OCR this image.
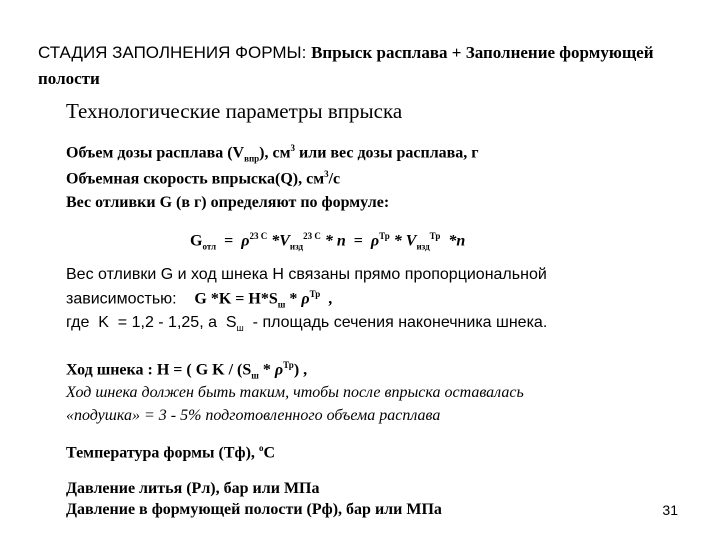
СТАДИЯ ЗАПОЛНЕНИЯ ФОРМЫ: Впрыск расплава + Заполнение формующей полости
Технологические параметры впрыска
Объем дозы расплава $(V_{впр})$, $см^3$ или вес дозы расплава, г
Объемная скорость впрыска(Q), $см^3/с$
Вес отливки G (в г) определяют по формуле:
$G_{отл} = \rho^{23 С}$ $*V_{изд}^{23 С} * n = \rho^{Тр} * V_{изд}^{Тр}$  *n
Вес отливки G и ход шнека H связаны прямо пропорциональной
зависимостью:    G $*K = H*S_ш * \rho^{Тр}$  ,
где  K  = 1,2 - 1,25, а  $S_ш$  - площадь сечения наконечника шнека.
Ход шнека : H = ( G K / $(S_ш * \rho^{Тр})$ ,
Ход шнека должен быть таким, чтобы после впрыска оставалась
«подушка» = 3 - 5% подготовленного объема расплава
Температура формы (Тф), $^о$С
Давление литья (Рл), бар или МПа
Давление в формующей полости (Рф), бар или МПа	31
